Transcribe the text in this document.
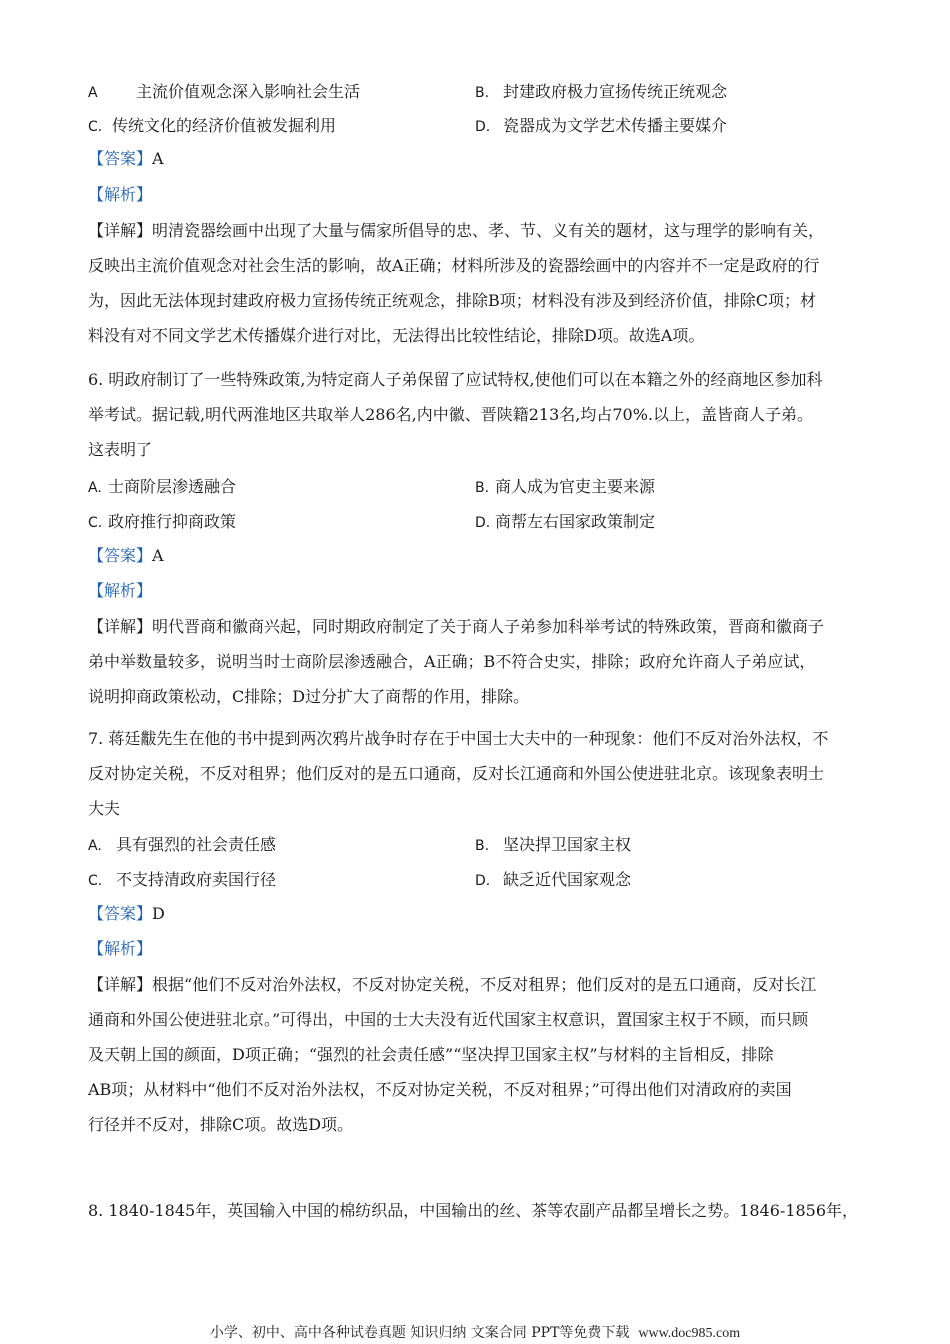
A 主流价值观念深入影响社会生活	B. 封建政府极力宣扬传统正统观念
C. 传统文化的经济价值被发掘利用	D. 瓷器成为文学艺术传播主要媒介
【答案】A
【解析】
【详解】明清瓷器绘画中出现了大量与儒家所倡导的忠、孝、节、义有关的题材，这与理学的影响有关，
反映出主流价值观念对社会生活的影响，故A正确；材料所涉及的瓷器绘画中的内容并不一定是政府的行
为，因此无法体现封建政府极力宣扬传统正统观念，排除B项；材料没有涉及到经济价值，排除C项；材
料没有对不同文学艺术传播媒介进行对比，无法得出比较性结论，排除D项。故选A项。
6. 明政府制订了一些特殊政策,为特定商人子弟保留了应试特权,使他们可以在本籍之外的经商地区参加科
举考试。据记载,明代两淮地区共取举人286名,内中徽、晋陕籍213名,均占70%.以上，盖皆商人子弟。
这表明了
A. 士商阶层渗透融合	B. 商人成为官吏主要来源
C. 政府推行抑商政策	D. 商帮左右国家政策制定
【答案】A
【解析】
【详解】明代晋商和徽商兴起，同时期政府制定了关于商人子弟参加科举考试的特殊政策，晋商和徽商子
弟中举数量较多，说明当时士商阶层渗透融合，A正确；B不符合史实，排除；政府允许商人子弟应试，
说明抑商政策松动，C排除；D过分扩大了商帮的作用，排除。
7. 蒋廷黻先生在他的书中提到两次鸦片战争时存在于中国士大夫中的一种现象：他们不反对治外法权，不
反对协定关税，不反对租界；他们反对的是五口通商，反对长江通商和外国公使进驻北京。该现象表明士
大夫
A. 具有强烈的社会责任感	B. 坚决捍卫国家主权
C. 不支持清政府卖国行径	D. 缺乏近代国家观念
【答案】D
【解析】
【详解】根据“他们不反对治外法权，不反对协定关税，不反对租界；他们反对的是五口通商，反对长江
通商和外国公使进驻北京。”可得出，中国的士大夫没有近代国家主权意识，置国家主权于不顾，而只顾
及天朝上国的颜面，D项正确；“强烈的社会责任感”“坚决捍卫国家主权”与材料的主旨相反，排除
AB项；从材料中“他们不反对治外法权，不反对协定关税，不反对租界；”可得出他们对清政府的卖国
行径并不反对，排除C项。故选D项。
8. 1840-1845年，英国输入中国的棉纺织品，中国输出的丝、茶等农副产品都呈增长之势。1846-1856年，
小学、初中、高中各种试卷真题 知识归纳 文案合同 PPT等免费下载 www.doc985.com
